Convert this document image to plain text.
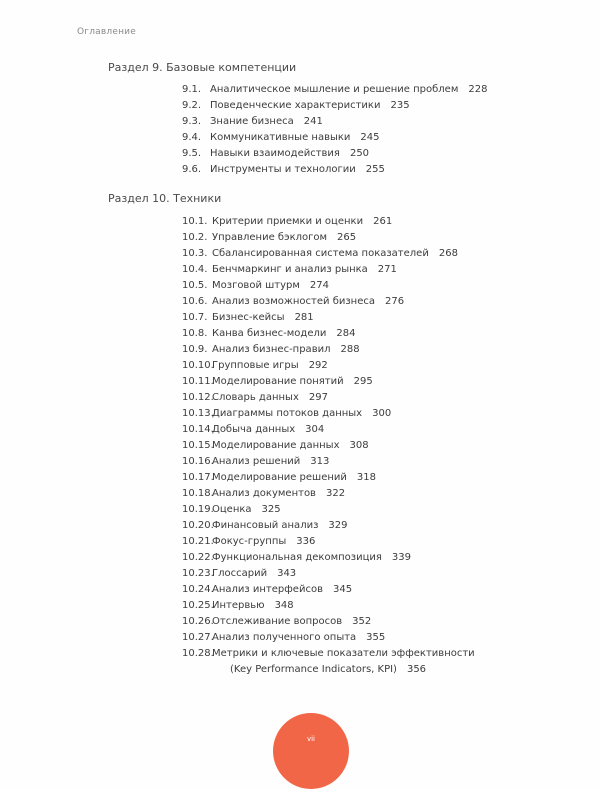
Оглавление
Раздел 9. Базовые компетенции
9.1. Аналитическое мышление и решение проблем 228
9.2. Поведенческие характеристики 235
9.3. Знание бизнеса 241
9.4. Коммуникативные навыки 245
9.5. Навыки взаимодействия 250
9.6. Инструменты и технологии 255
Раздел 10. Техники
10.1. Критерии приемки и оценки 261
10.2. Управление бэклогом 265
10.3. Сбалансированная система показателей 268
10.4. Бенчмаркинг и анализ рынка 271
10.5. Мозговой штурм 274
10.6. Анализ возможностей бизнеса 276
10.7. Бизнес-кейсы 281
10.8. Канва бизнес-модели 284
10.9. Анализ бизнес-правил 288
10.10.Групповые игры 292
10.11.Моделирование понятий 295
10.12.Словарь данных 297
10.13.Диаграммы потоков данных 300
10.14.Добыча данных 304
10.15.Моделирование данных 308
10.16.Анализ решений 313
10.17.Моделирование решений 318
10.18.Анализ документов 322
10.19.Оценка 325
10.20.Финансовый анализ 329
10.21.Фокус-группы 336
10.22.Функциональная декомпозиция 339
10.23.Глоссарий 343
10.24.Анализ интерфейсов 345
10.25.Интервью 348
10.26.Отслеживание вопросов 352
10.27.Анализ полученного опыта 355
10.28.Метрики и ключевые показатели эффективности
(Key Performance Indicators, KPI) 356
vii
